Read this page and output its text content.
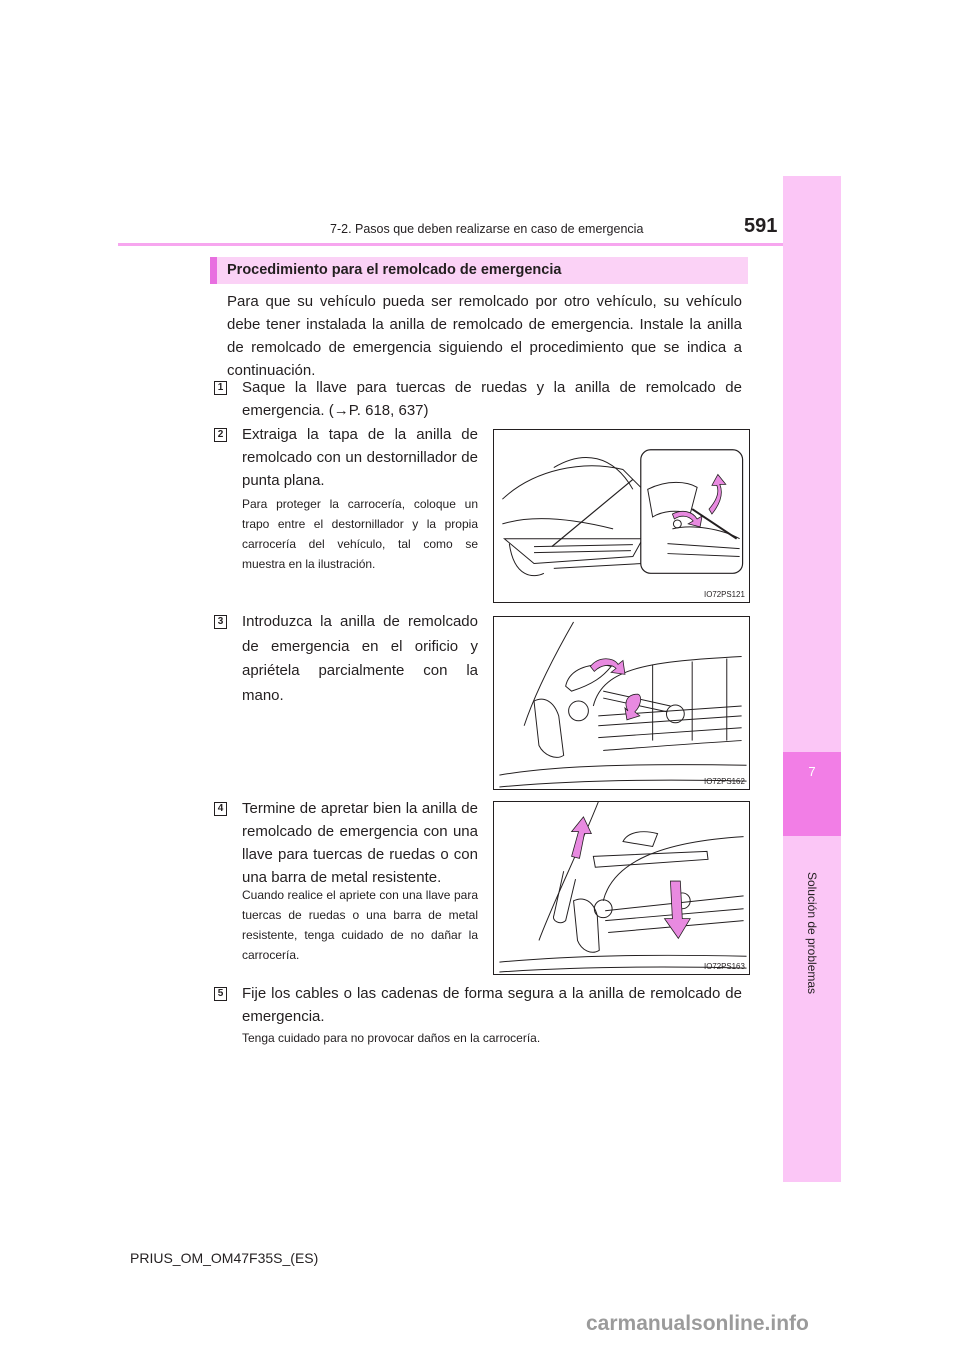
7-2. Pasos que deben realizarse en caso de emergencia	591
7
Solución de problemas
Procedimiento para el remolcado de emergencia
Para que su vehículo pueda ser remolcado por otro vehículo, su vehículo debe tener instalada la anilla de remolcado de emergencia. Instale la anilla de remolcado de emergencia siguiendo el procedimiento que se indica a continuación.
1 Saque la llave para tuercas de ruedas y la anilla de remolcado de emergencia. (→P. 618, 637)
2 Extraiga la tapa de la anilla de remolcado con un destornillador de punta plana.
Para proteger la carrocería, coloque un trapo entre el destornillador y la propia carrocería del vehículo, tal como se muestra en la ilustración.
IO72PS121
3 Introduzca la anilla de remolcado de emergencia en el orificio y apriétela parcialmente con la mano.
IO72PS162
4 Termine de apretar bien la anilla de remolcado de emergencia con una llave para tuercas de ruedas o con una barra de metal resistente.
Cuando realice el apriete con una llave para tuercas de ruedas o una barra de metal resistente, tenga cuidado de no dañar la carrocería.
IO72PS163
5 Fije los cables o las cadenas de forma segura a la anilla de remolcado de emergencia.
Tenga cuidado para no provocar daños en la carrocería.
PRIUS_OM_OM47F35S_(ES)
carmanualsonline.info
